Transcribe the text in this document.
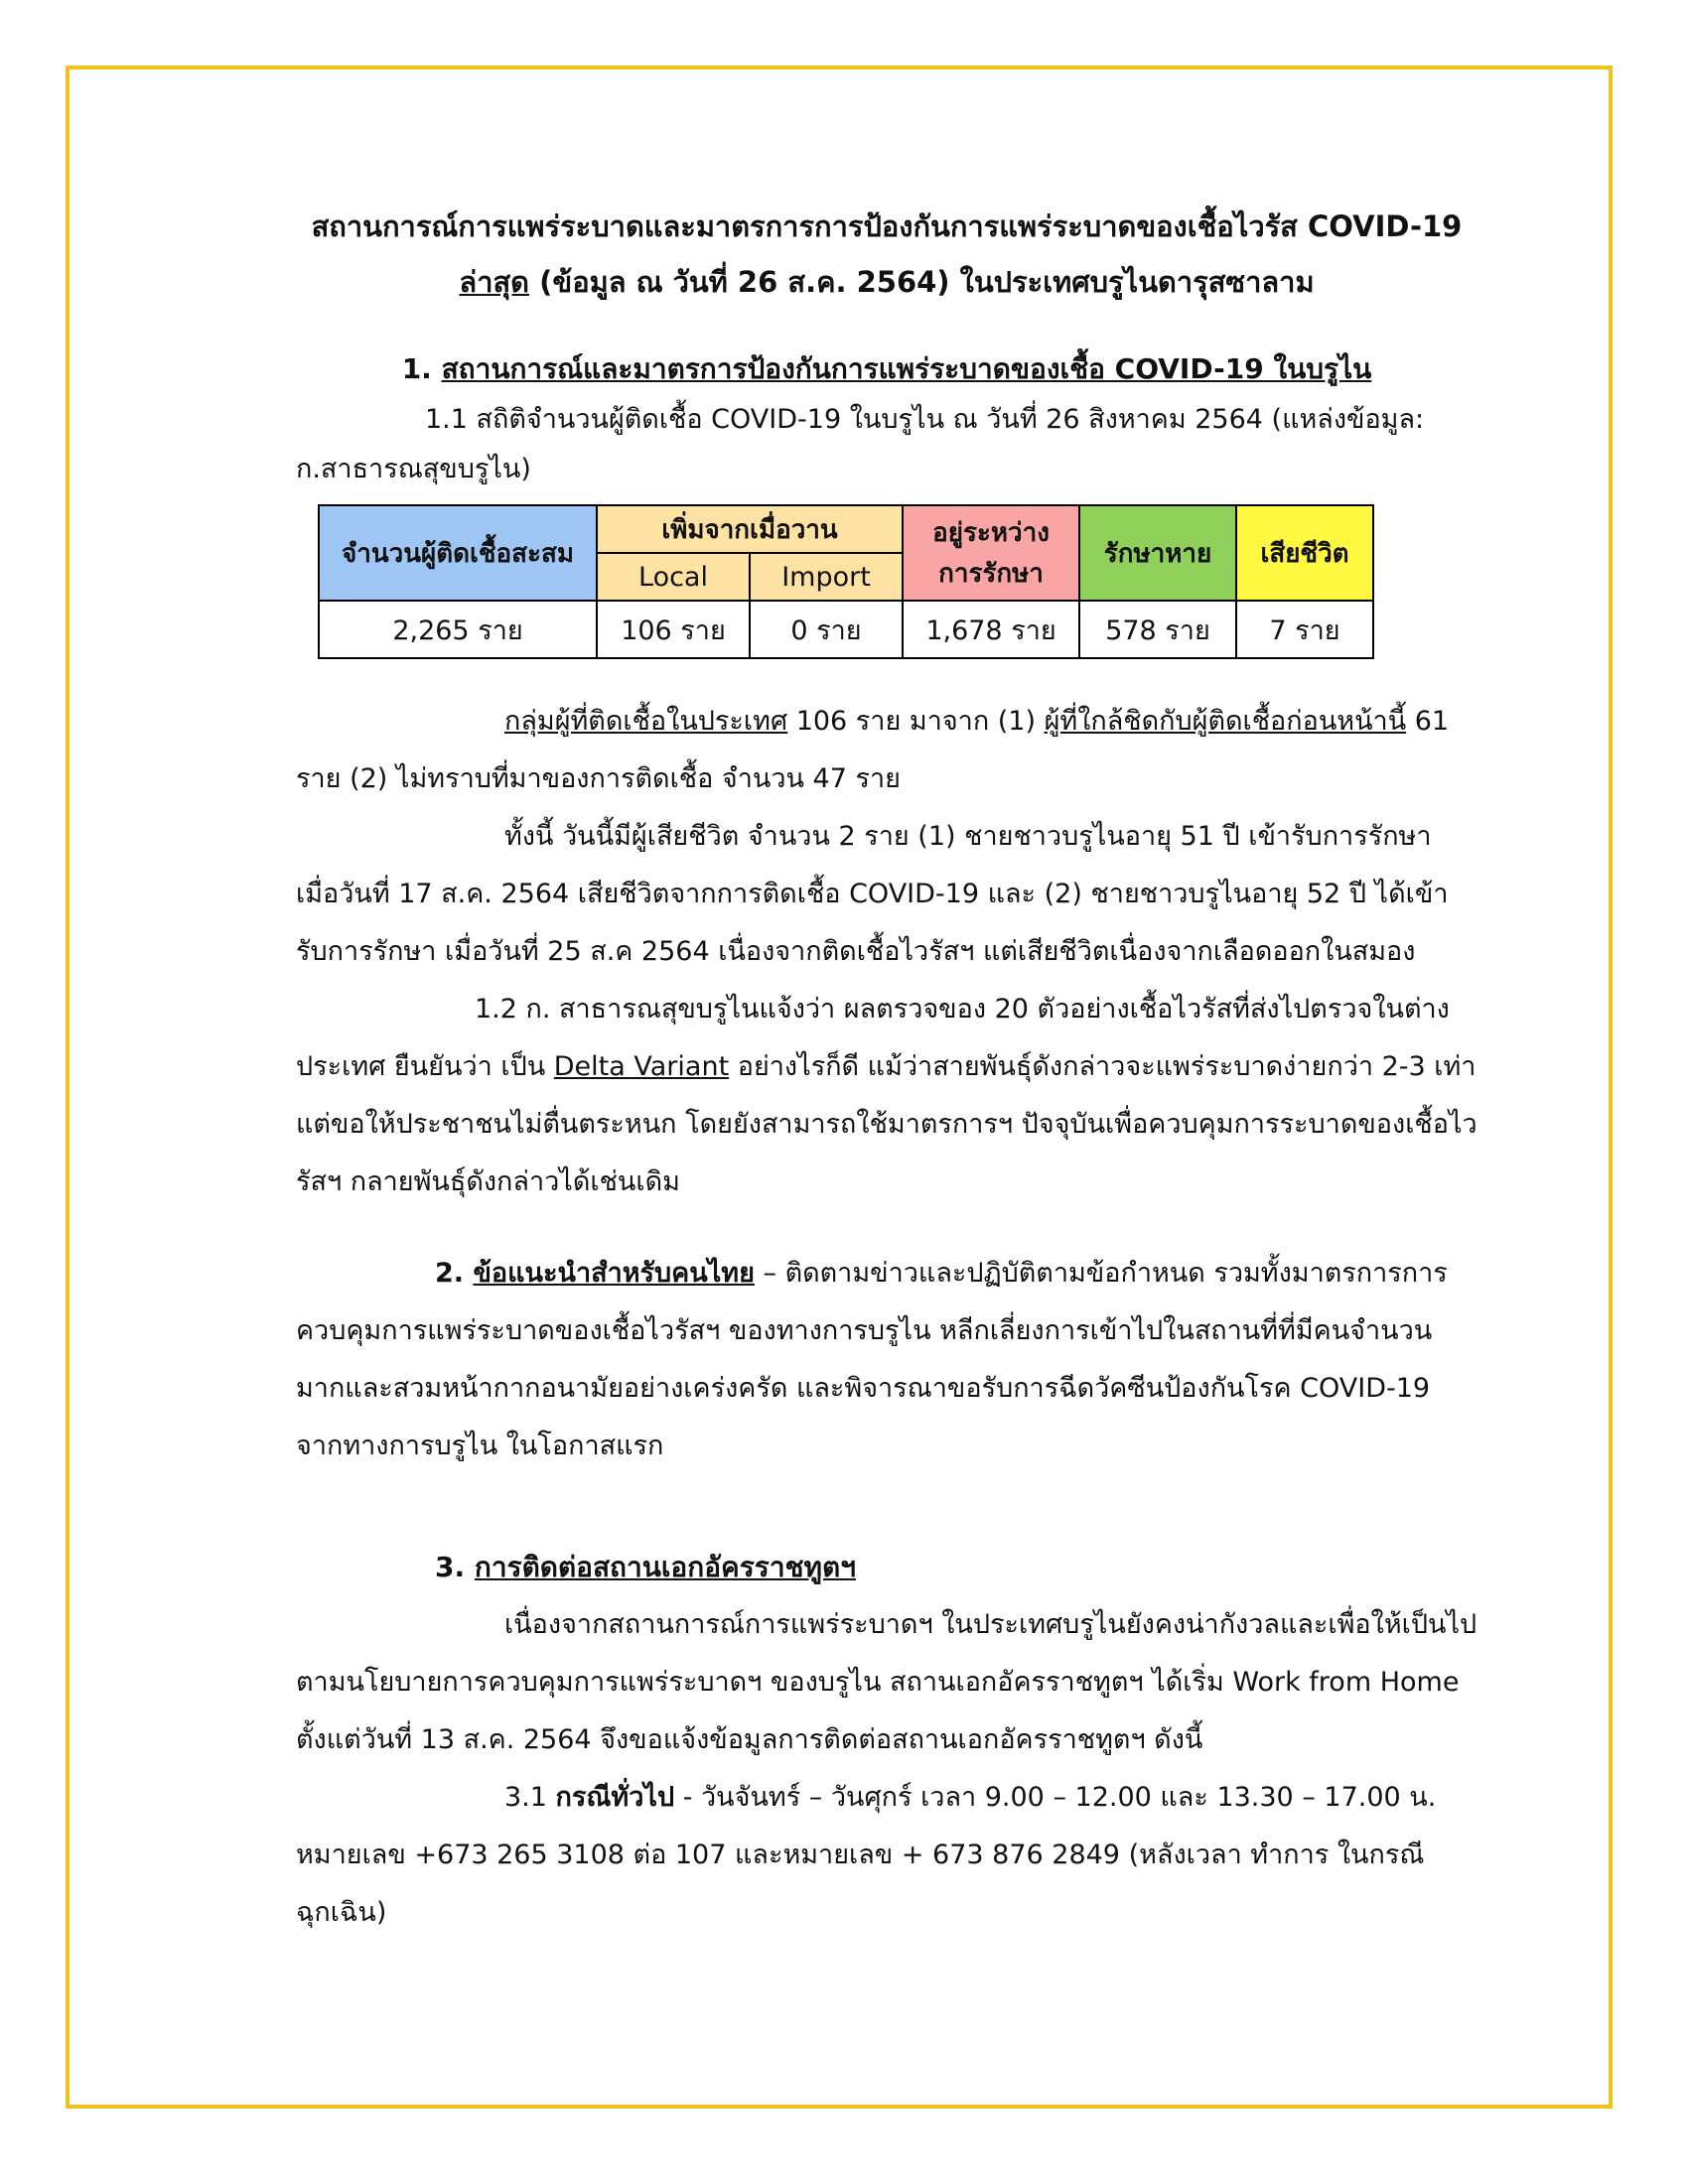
สถานการณ์การแพร่ระบาดและมาตรการการป้องกันการแพร่ระบาดของเชื้อไวรัส COVID-19
ล่าสุด (ข้อมูล ณ วันที่ 26 ส.ค. 2564) ในประเทศบรูไนดารุสซาลาม
1. สถานการณ์และมาตรการป้องกันการแพร่ระบาดของเชื้อ COVID-19 ในบรูไน

1.1 สถิติจำนวนผู้ติดเชื้อ COVID-19 ในบรูไน ณ วันที่ 26 สิงหาคม 2564 (แหล่งข้อมูล:
ก.สาธารณสุขบรูไน)

จำนวนผู้ติดเชื้อสะสม	เพิ่มจากเมื่อวาน		อยู่ระหว่างการรักษา	รักษาหาย	เสียชีวิต
	Local	Import			
2,265 ราย	106 ราย	0 ราย	1,678 ราย	578 ราย	7 ราย

กลุ่มผู้ที่ติดเชื้อในประเทศ 106 ราย มาจาก (1) ผู้ที่ใกล้ชิดกับผู้ติดเชื้อก่อนหน้านี้ 61 ราย (2) ไม่ทราบที่มาของการติดเชื้อ จำนวน 47 ราย

ทั้งนี้ วันนี้มีผู้เสียชีวิต จำนวน 2 ราย (1) ชายชาวบรูไนอายุ 51 ปี เข้ารับการรักษา เมื่อวันที่ 17 ส.ค. 2564 เสียชีวิตจากการติดเชื้อ COVID-19 และ (2) ชายชาวบรูไนอายุ 52 ปี ได้เข้ารับการรักษา เมื่อวันที่ 25 ส.ค 2564 เนื่องจากติดเชื้อไวรัสฯ แต่เสียชีวิตเนื่องจากเลือดออกในสมอง

1.2 ก. สาธารณสุขบรูไนแจ้งว่า ผลตรวจของ 20 ตัวอย่างเชื้อไวรัสที่ส่งไปตรวจในต่างประเทศ ยืนยันว่า เป็น Delta Variant อย่างไรก็ดี แม้ว่าสายพันธุ์ดังกล่าวจะแพร่ระบาดง่ายกว่า 2-3 เท่า แต่ขอให้ประชาชนไม่ตื่นตระหนก โดยยังสามารถใช้มาตรการฯ ปัจจุบันเพื่อควบคุมการระบาดของเชื้อไวรัสฯ กลายพันธุ์ดังกล่าวได้เช่นเดิม

2. ข้อแนะนำสำหรับคนไทย – ติดตามข่าวและปฏิบัติตามข้อกำหนด รวมทั้งมาตรการการควบคุมการแพร่ระบาดของเชื้อไวรัสฯ ของทางการบรูไน หลีกเลี่ยงการเข้าไปในสถานที่ที่มีคนจำนวนมากและสวมหน้ากากอนามัยอย่างเคร่งครัด และพิจารณาขอรับการฉีดวัคซีนป้องกันโรค COVID-19 จากทางการบรูไน ในโอกาสแรก

3. การติดต่อสถานเอกอัครราชทูตฯ

เนื่องจากสถานการณ์การแพร่ระบาดฯ ในประเทศบรูไนยังคงน่ากังวลและเพื่อให้เป็นไปตามนโยบายการควบคุมการแพร่ระบาดฯ ของบรูไน สถานเอกอัครราชทูตฯ ได้เริ่ม Work from Home ตั้งแต่วันที่ 13 ส.ค. 2564 จึงขอแจ้งข้อมูลการติดต่อสถานเอกอัครราชทูตฯ ดังนี้

3.1 กรณีทั่วไป - วันจันทร์ – วันศุกร์ เวลา 9.00 – 12.00 และ 13.30 – 17.00 น. หมายเลข +673 265 3108 ต่อ 107 และหมายเลข + 673 876 2849 (หลังเวลา ทำการ ในกรณีฉุกเฉิน)
